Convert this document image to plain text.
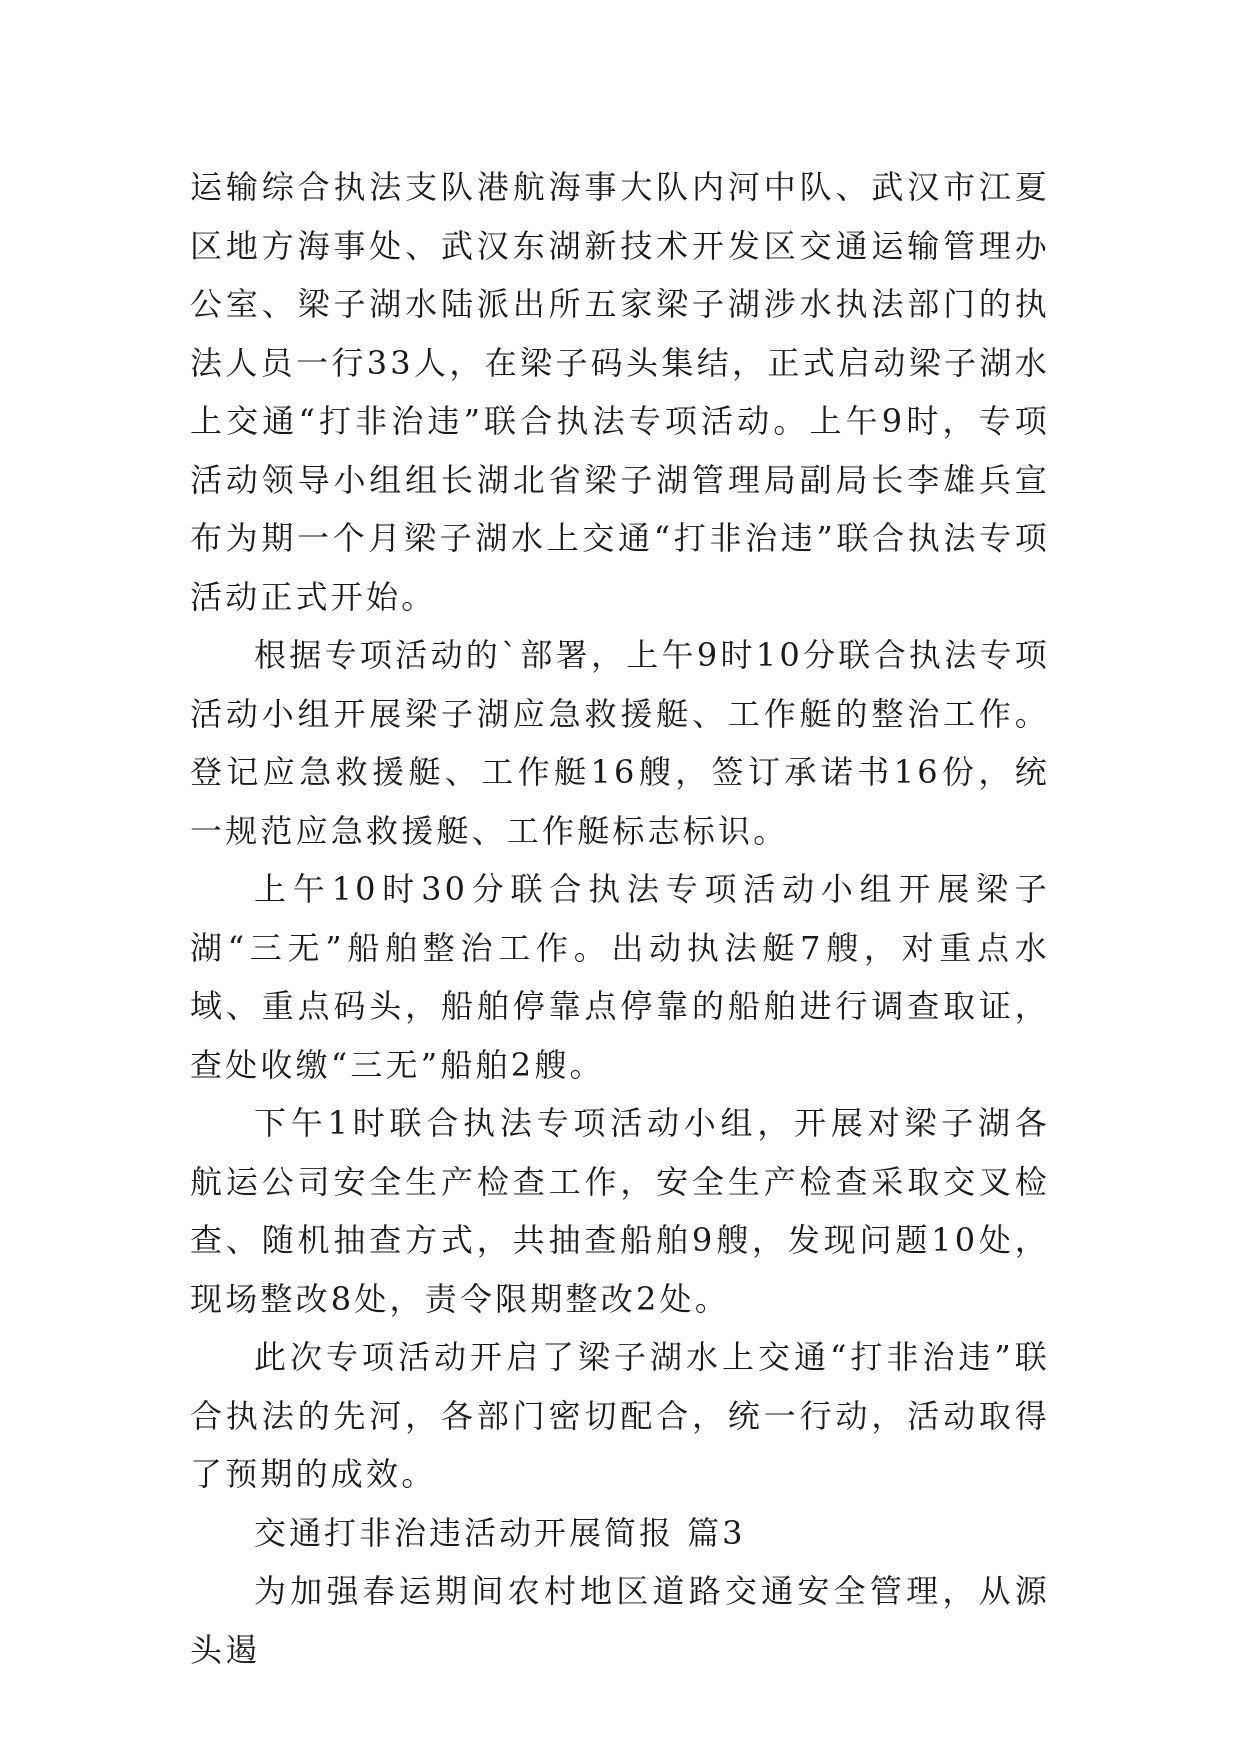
运输综合执法支队港航海事大队内河中队、武汉市江夏区地方海事处、武汉东湖新技术开发区交通运输管理办公室、梁子湖水陆派出所五家梁子湖涉水执法部门的执法人员一行33人，在梁子码头集结，正式启动梁子湖水上交通“打非治违”联合执法专项活动。上午9时，专项活动领导小组组长湖北省梁子湖管理局副局长李雄兵宣布为期一个月梁子湖水上交通“打非治违”联合执法专项活动正式开始。

根据专项活动的`部署，上午9时10分联合执法专项活动小组开展梁子湖应急救援艇、工作艇的整治工作。登记应急救援艇、工作艇16艘，签订承诺书16份，统一规范应急救援艇、工作艇标志标识。

上午10时30分联合执法专项活动小组开展梁子湖“三无”船舶整治工作。出动执法艇7艘，对重点水域、重点码头，船舶停靠点停靠的船舶进行调查取证，查处收缴“三无”船舶2艘。

下午1时联合执法专项活动小组，开展对梁子湖各航运公司安全生产检查工作，安全生产检查采取交叉检查、随机抽查方式，共抽查船舶9艘，发现问题10处，现场整改8处，责令限期整改2处。

此次专项活动开启了梁子湖水上交通“打非治违”联合执法的先河，各部门密切配合，统一行动，活动取得了预期的成效。

交通打非治违活动开展简报 篇3

为加强春运期间农村地区道路交通安全管理，从源头遏
